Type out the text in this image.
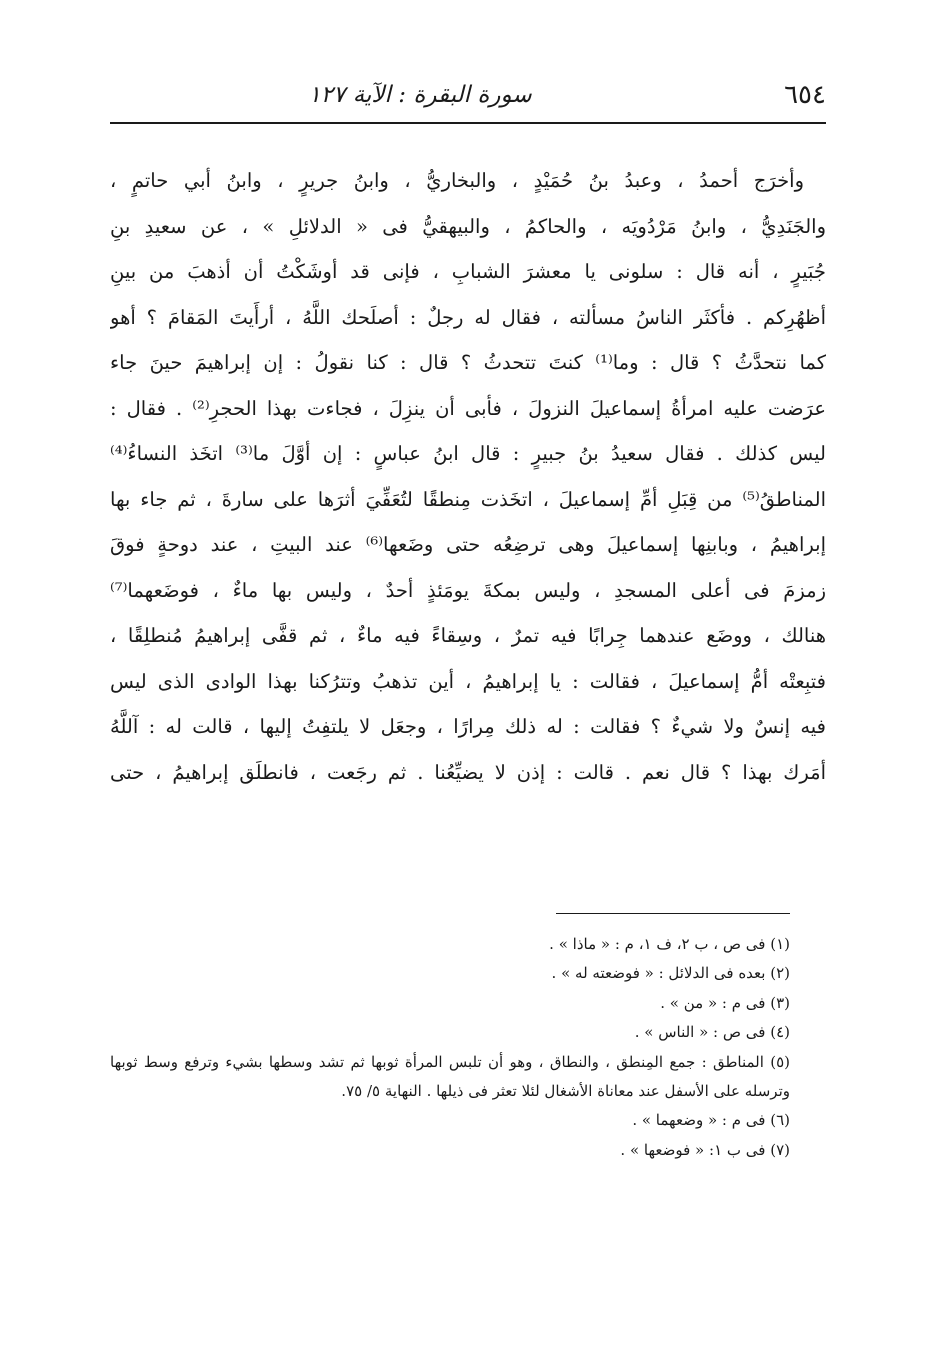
٦٥٤
سورة البقرة : الآية ١٢٧
وأخرَج أحمدُ ، وعبدُ بنُ حُمَيْدٍ ، والبخاريُّ ، وابنُ جريرٍ ، وابنُ أبي حاتمٍ ،
والجَنَدِيُّ ، وابنُ مَرْدُويَه ، والحاكمُ ، والبيهقيُّ فى « الدلائلِ » ، عن سعيدِ بنِ
جُبَيرٍ ، أنه قال : سلونى يا معشرَ الشبابِ ، فإنى قد أوشَكْتُ أن أذهبَ من بينِ
أظهُرِكم . فأكثَر الناسُ مسألته ، فقال له رجلٌ : أصلَحك اللَّهُ ، أرأَيتَ المَقامَ ؟ أهو
كما نتحدَّثُ ؟ قال : وما⁽¹⁾ كنتَ تتحدثُ ؟ قال : كنا نقولُ : إن إبراهيمَ حينَ جاء
عرَضت عليه امرأةُ إسماعيلَ النزولَ ، فأبى أن ينزِلَ ، فجاءت بهذا الحجرِ⁽²⁾ . فقال :
ليس كذلك . فقال سعيدُ بنُ جبيرٍ : قال ابنُ عباسٍ : إن أوَّلَ ما⁽³⁾ اتخَذ النساءُ⁽⁴⁾
المناطقُ⁽⁵⁾ من قِبَلِ أمِّ إسماعيلَ ، اتخَذت مِنطقًا لتُعَفِّيَ أثرَها على سارةَ ، ثم جاء بها
إبراهيمُ ، وبابنِها إسماعيلَ وهى ترضِعُه حتى وضَعها⁽⁶⁾ عند البيتِ ، عند دوحةٍ فوقَ
زمزمَ فى أعلى المسجدِ ، وليس بمكةَ يومَئذٍ أحدٌ ، وليس بها ماءٌ ، فوضَعهما⁽⁷⁾
هنالك ، ووضَع عندهما جِرابًا فيه تمرٌ ، وسِقاءً فيه ماءٌ ، ثم قفَّى إبراهيمُ مُنطلِقًا ،
فتبِعتْه أمُّ إسماعيلَ ، فقالت : يا إبراهيمُ ، أين تذهبُ وتترُكنا بهذا الوادى الذى ليس
فيه إنسٌ ولا شيءٌ ؟ فقالت : له ذلك مِرارًا ، وجعَل لا يلتفِتُ إليها ، قالت له : آللَّهُ
أمَرك بهذا ؟ قال نعم . قالت : إذن لا يضيِّعُنا . ثم رجَعت ، فانطلَق إبراهيمُ ، حتى
(١) فى ص ، ب ٢، ف ١، م : « ماذا » .
(٢) بعده فى الدلائل : « فوضعته له » .
(٣) فى م : « من » .
(٤) فى ص : « الناس » .
(٥) المناطق : جمع المِنطق ، والنطاق ، وهو أن تلبس المرأة ثوبها ثم تشد وسطها بشيء وترفع وسط ثوبها
وترسله على الأسفل عند معاناة الأشغال لئلا تعثر فى ذيلها . النهاية ٥/ ٧٥.
(٦) فى م : « وضعهما » .
(٧) فى ب ١: « فوضعها » .
